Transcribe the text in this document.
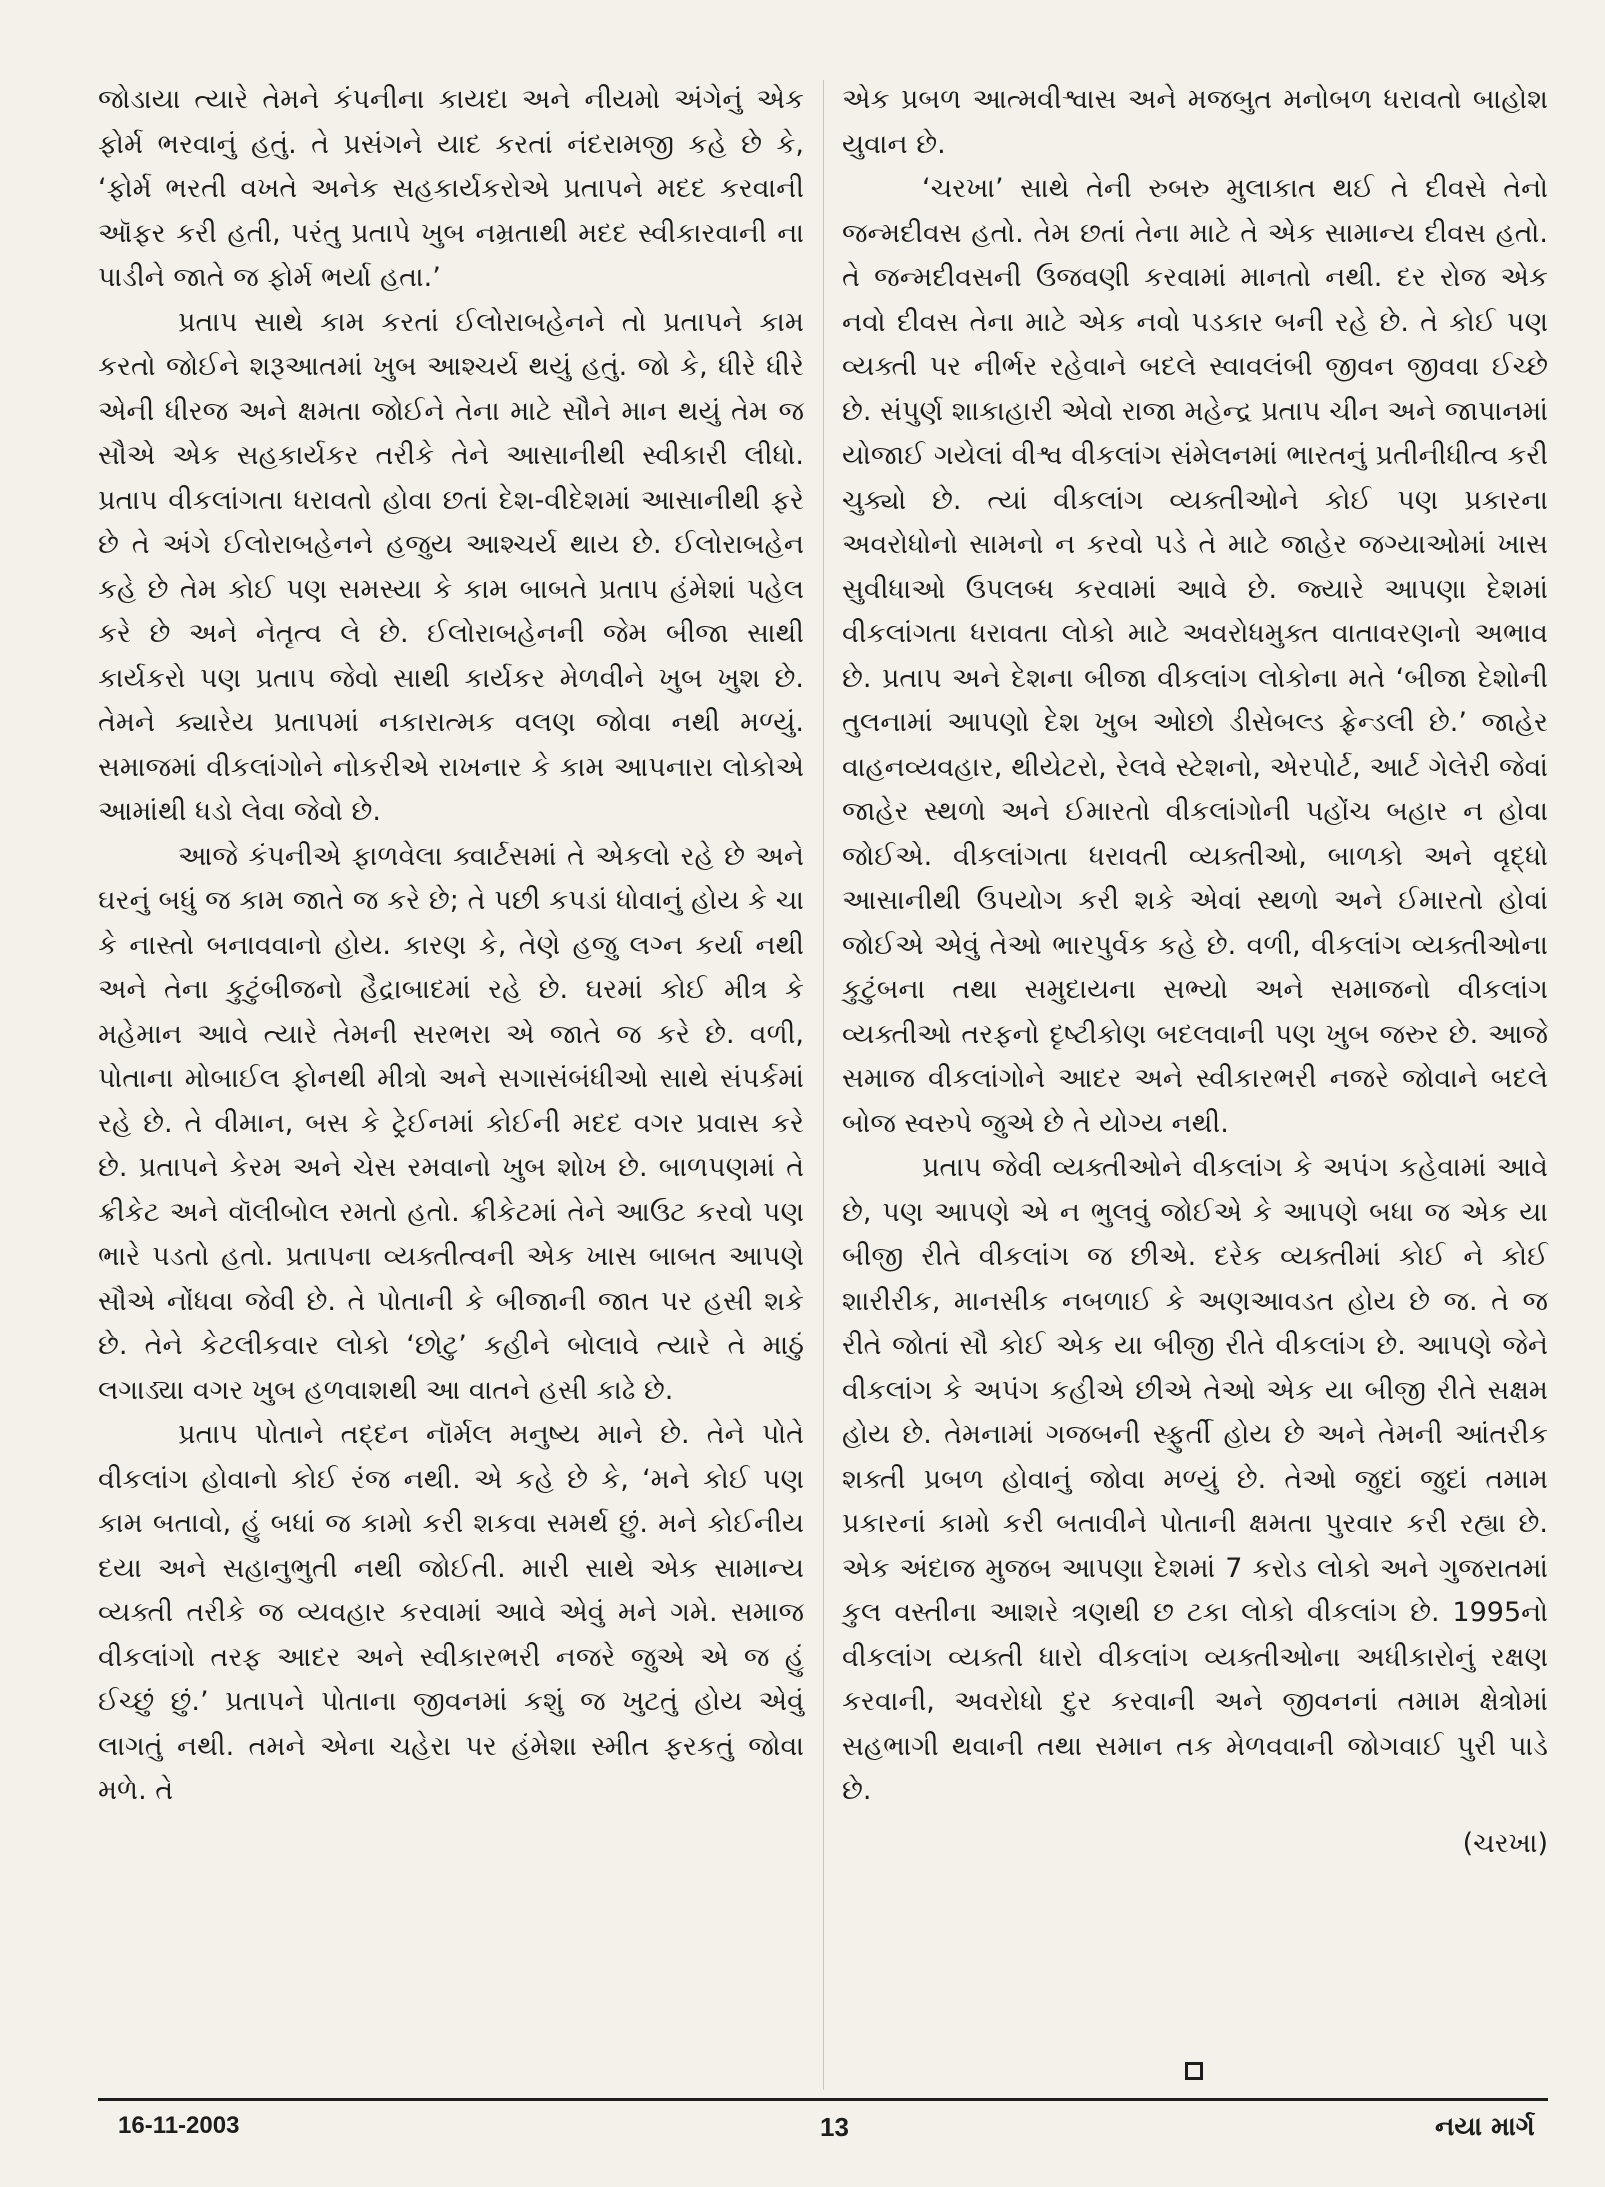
જોડાયા ત્યારે તેમને કંપનીના કાયદા અને નીયમો અંગેનું એક ફોર્મ ભરવાનું હતું. તે પ્રસંગને યાદ કરતાં નંદરામજી કહે છે કે, ‘ફોર્મ ભરતી વખતે અનેક સહકાર્યકરોએ પ્રતાપને મદદ કરવાની ઑફર કરી હતી, પરંતુ પ્રતાપે ખુબ નમ્રતાથી મદદ સ્વીકારવાની ના પાડીને જાતે જ ફોર્મ ભર્યા હતા.’

પ્રતાપ સાથે કામ કરતાં ઈલોરાબહેનને તો પ્રતાપને કામ કરતો જોઈને શરૂઆતમાં ખુબ આશ્ચર્ય થયું હતું. જો કે, ધીરે ધીરે એની ધીરજ અને ક્ષમતા જોઈને તેના માટે સૌને માન થયું તેમ જ સૌએ એક સહકાર્યકર તરીકે તેને આસાનીથી સ્વીકારી લીધો. પ્રતાપ વીકલાંગતા ધરાવતો હોવા છતાં દેશ-વીદેશમાં આસાનીથી ફરે છે તે અંગે ઈલોરાબહેનને હજુય આશ્ચર્ય થાય છે. ઈલોરાબહેન કહે છે તેમ કોઈ પણ સમસ્યા કે કામ બાબતે પ્રતાપ હંમેશાં પહેલ કરે છે અને નેતૃત્વ લે છે. ઈલોરાબહેનની જેમ બીજા સાથી કાર્યકરો પણ પ્રતાપ જેવો સાથી કાર્યકર મેળવીને ખુબ ખુશ છે. તેમને ક્યારેય પ્રતાપમાં નકારાત્મક વલણ જોવા નથી મળ્યું. સમાજમાં વીકલાંગોને નોકરીએ રાખનાર કે કામ આપનારા લોકોએ આમાંથી ધડો લેવા જેવો છે.

આજે કંપનીએ ફાળવેલા ક્વાર્ટસમાં તે એકલો રહે છે અને ઘરનું બધું જ કામ જાતે જ કરે છે; તે પછી કપડાં ધોવાનું હોય કે ચા કે નાસ્તો બનાવવાનો હોય. કારણ કે, તેણે હજુ લગ્ન કર્યા નથી અને તેના કુટુંબીજનો હૈદ્રાબાદમાં રહે છે. ઘરમાં કોઈ મીત્ર કે મહેમાન આવે ત્યારે તેમની સરભરા એ જાતે જ કરે છે. વળી, પોતાના મોબાઈલ ફોનથી મીત્રો અને સગાસંબંધીઓ સાથે સંપર્કમાં રહે છે. તે વીમાન, બસ કે ટ્રેઈનમાં કોઈની મદદ વગર પ્રવાસ કરે છે. પ્રતાપને કેરમ અને ચેસ રમવાનો ખુબ શોખ છે. બાળપણમાં તે ક્રીકેટ અને વૉલીબોલ રમતો હતો. ક્રીકેટમાં તેને આઉટ કરવો પણ ભારે પડતો હતો. પ્રતાપના વ્યક્તીત્વની એક ખાસ બાબત આપણે સૌએ નોંધવા જેવી છે. તે પોતાની કે બીજાની જાત પર હસી શકે છે. તેને કેટલીકવાર લોકો ‘છોટુ’ કહીને બોલાવે ત્યારે તે માઠું લગાડ્યા વગર ખુબ હળવાશથી આ વાતને હસી કાઢે છે.

પ્રતાપ પોતાને તદ્દન નૉર્મલ મનુષ્ય માને છે. તેને પોતે વીકલાંગ હોવાનો કોઈ રંજ નથી. એ કહે છે કે, ‘મને કોઈ પણ કામ બતાવો, હું બધાં જ કામો કરી શકવા સમર્થ છું. મને કોઈનીય દયા અને સહાનુભુતી નથી જોઈતી. મારી સાથે એક સામાન્ય વ્યક્તી તરીકે જ વ્યવહાર કરવામાં આવે એવું મને ગમે. સમાજ વીકલાંગો તરફ આદર અને સ્વીકારભરી નજરે જુએ એ જ હું ઈચ્છું છું.’ પ્રતાપને પોતાના જીવનમાં કશું જ ખુટતું હોય એવું લાગતું નથી. તમને એના ચહેરા પર હંમેશા સ્મીત ફરકતું જોવા મળે. તે

એક પ્રબળ આત્મવીશ્વાસ અને મજબુત મનોબળ ધરાવતો બાહોશ યુવાન છે.

‘ચરખા’ સાથે તેની રુબરુ મુલાકાત થઈ તે દીવસે તેનો જન્મદીવસ હતો. તેમ છતાં તેના માટે તે એક સામાન્ય દીવસ હતો. તે જન્મદીવસની ઉજવણી કરવામાં માનતો નથી. દર રોજ એક નવો દીવસ તેના માટે એક નવો પડકાર બની રહે છે. તે કોઈ પણ વ્યક્તી પર નીર્ભર રહેવાને બદલે સ્વાવલંબી જીવન જીવવા ઈચ્છે છે. સંપુર્ણ શાકાહારી એવો રાજા મહેન્દ્ર પ્રતાપ ચીન અને જાપાનમાં યોજાઈ ગયેલાં વીશ્વ વીકલાંગ સંમેલનમાં ભારતનું પ્રતીનીધીત્વ કરી ચુક્યો છે. ત્યાં વીકલાંગ વ્યક્તીઓને કોઈ પણ પ્રકારના અવરોધોનો સામનો ન કરવો પડે તે માટે જાહેર જગ્યાઓમાં ખાસ સુવીધાઓ ઉપલબ્ધ કરવામાં આવે છે. જ્યારે આપણા દેશમાં વીકલાંગતા ધરાવતા લોકો માટે અવરોધમુક્ત વાતાવરણનો અભાવ છે. પ્રતાપ અને દેશના બીજા વીકલાંગ લોકોના મતે ‘બીજા દેશોની તુલનામાં આપણો દેશ ખુબ ઓછો ડીસેબલ્ડ ફ્રેન્ડલી છે.’ જાહેર વાહનવ્યવહાર, થીયેટરો, રેલવે સ્ટેશનો, એરપોર્ટ, આર્ટ ગેલેરી જેવાં જાહેર સ્થળો અને ઈમારતો વીકલાંગોની પહોંચ બહાર ન હોવા જોઈએ. વીકલાંગતા ધરાવતી વ્યક્તીઓ, બાળકો અને વૃદ્ધો આસાનીથી ઉપયોગ કરી શકે એવાં સ્થળો અને ઈમારતો હોવાં જોઈએ એવું તેઓ ભારપુર્વક કહે છે. વળી, વીકલાંગ વ્યક્તીઓના કુટુંબના તથા સમુદાયના સભ્યો અને સમાજનો વીકલાંગ વ્યક્તીઓ તરફનો દૃષ્ટીકોણ બદલવાની પણ ખુબ જરુર છે. આજે સમાજ વીકલાંગોને આદર અને સ્વીકારભરી નજરે જોવાને બદલે બોજ સ્વરુપે જુએ છે તે યોગ્ય નથી.

પ્રતાપ જેવી વ્યક્તીઓને વીકલાંગ કે અપંગ કહેવામાં આવે છે, પણ આપણે એ ન ભુલવું જોઈએ કે આપણે બધા જ એક યા બીજી રીતે વીકલાંગ જ છીએ. દરેક વ્યક્તીમાં કોઈ ને કોઈ શારીરીક, માનસીક નબળાઈ કે અણઆવડત હોય છે જ. તે જ રીતે જોતાં સૌ કોઈ એક યા બીજી રીતે વીકલાંગ છે. આપણે જેને વીકલાંગ કે અપંગ કહીએ છીએ તેઓ એક યા બીજી રીતે સક્ષમ હોય છે. તેમનામાં ગજબની સ્ફુર્તી હોય છે અને તેમની આંતરીક શક્તી પ્રબળ હોવાનું જોવા મળ્યું છે. તેઓ જુદાં જુદાં તમામ પ્રકારનાં કામો કરી બતાવીને પોતાની ક્ષમતા પુરવાર કરી રહ્યા છે. એક અંદાજ મુજબ આપણા દેશમાં 7 કરોડ લોકો અને ગુજરાતમાં કુલ વસ્તીના આશરે ત્રણથી છ ટકા લોકો વીકલાંગ છે. 1995નો વીકલાંગ વ્યક્તી ધારો વીકલાંગ વ્યક્તીઓના અધીકારોનું રક્ષણ કરવાની, અવરોધો દુર કરવાની અને જીવનનાં તમામ ક્ષેત્રોમાં સહભાગી થવાની તથા સમાન તક મેળવવાની જોગવાઈ પુરી પાડે છે.

(ચરખા)

16-11-2003	13	નયા માર્ગ
